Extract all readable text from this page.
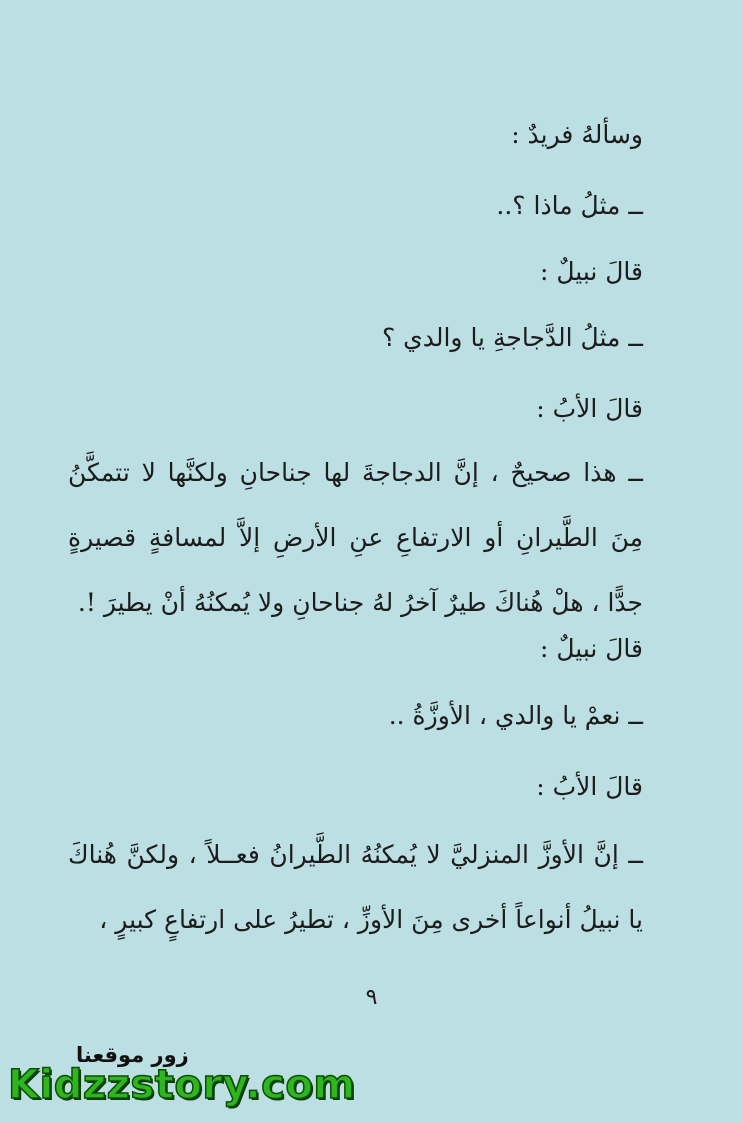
وسألهُ فريدٌ :
ــ مثلُ ماذا ؟..
قالَ نبيلٌ :
ــ مثلُ الدَّجاجةِ يا والدي ؟
قالَ الأبُ :
ــ هذا صحيحٌ ، إنَّ الدجاجةَ لها جناحانِ ولكنَّها لا تتمكَّنُ مِنَ الطَّيرانِ أو الارتفاعِ عنِ الأرضِ إلاَّ لمسافةٍ قصيرةٍ جدًّا ، هلْ هُناكَ طيرٌ آخرُ لهُ جناحانِ ولا يُمكنُهُ أنْ يطيرَ !.
قالَ نبيلٌ :
ــ نعمْ يا والدي ، الأوزَّةُ ..
قالَ الأبُ :
ــ إنَّ الأوزَّ المنزليَّ لا يُمكنُهُ الطَّيرانُ فعــلاً ، ولكنَّ هُناكَ يا نبيلُ أنواعاً أخرى مِنَ الأوزِّ ، تطيرُ على ارتفاعٍ كبيرٍ ،
٩
زور موقعنا
Kidzzstory.com
